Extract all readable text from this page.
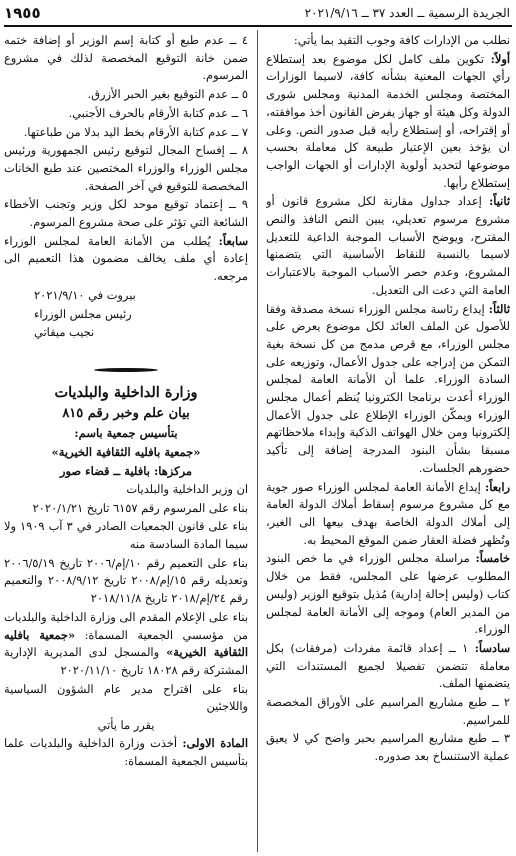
١٩٥٥	الجريدة الرسمية ــ العدد ٣٧ ــ ٢٠٢١/٩/١٦

نطلب من الإدارات كافة وجوب التقيد بما يأتي:

أولاً: تكوين ملف كامل لكل موضوع بعد إستطلاع رأي الجهات المعنية بشأنه كافة، لاسيما الوزارات المختصة ومجلس الخدمة المدنية ومجلس شورى الدولة وكل هيئة أو جهاز يفرض القانون أخذ موافقته، أو إقتراحه، أو إستطلاع رأيه قبل صدور النص. وعلى ان يؤخذ بعين الإعتبار طبيعة كل معاملة بحسب موضوعها لتحديد أولوية الإدارات أو الجهات الواجب إستطلاع رأيها.

ثانياً: إعداد جداول مقارنة لكل مشروع قانون أو مشروع مرسوم تعديلي، يبين النص النافذ والنص المقترح، ويوضح الأسباب الموجبة الداعية للتعديل لاسيما بالنسبة للنقاط الأساسية التي يتضمنها المشروع، وعدم حصر الأسباب الموجبة بالاعتبارات العامة التي دعت الى التعديل.

ثالثاً: إيداع رئاسة مجلس الوزراء نسخة مصدقة وفقا للأصول عن الملف العائد لكل موضوع يعرض على مجلس الوزراء، مع قرص مدمج من كل نسخة بغية التمكن من إدراجه على جدول الأعمال، وتوزيعه على السادة الوزراء. علما أن الأمانة العامة لمجلس الوزراء أعدت برنامجا الكترونيا يُنظم أعمال مجلس الوزراء ويمكّن الوزراء الإطلاع على جدول الأعمال إلكترونيا ومن خلال الهواتف الذكية وإبداء ملاحظاتهم مسبقا بشأن البنود المدرجة إضافة إلى تأكيد حضورهم الجلسات.

رابعاً: إيداع الأمانة العامة لمجلس الوزراء صور جوية مع كل مشروع مرسوم إسقاط أملاك الدولة العامة إلى أملاك الدولة الخاصة بهدف بيعها الى الغير، وتُظهر فضلة العقار ضمن الموقع المحيط به.

خامساً: مراسلة مجلس الوزراء في ما خص البنود المطلوب عرضها على المجلس، فقط من خلال كتاب (وليس إحالة إدارية) مُذيل بتوقيع الوزير (وليس من المدير العام) وموجه إلى الأمانة العامة لمجلس الوزراء.

سادساً: ١ ــ إعداد قائمة مفردات (مرفقات) بكل معاملة تتضمن تفصيلا لجميع المستندات التي يتضمنها الملف.

٢ ــ طبع مشاريع المراسيم على الأوراق المخصصة للمراسيم.

٣ ــ طبع مشاريع المراسيم بحبر واضح كي لا يعيق عملية الاستنساخ بعد صدوره.

٤ ــ عدم طبع أو كتابة إسم الوزير أو إضافة ختمه ضمن خانة التوقيع المخصصة لذلك في مشروع المرسوم.

٥ ــ عدم التوقيع بغير الحبر الأزرق.

٦ ــ عدم كتابة الأرقام بالحرف الأجنبي.

٧ ــ عدم كتابة الأرقام بخط اليد بدلا من طباعتها.

٨ ــ إفساح المجال لتوقيع رئيس الجمهورية ورئيس مجلس الوزراء والوزراء المختصين عند طبع الخانات المخصصة للتوقيع في آخر الصفحة.

٩ ــ إعتماد توقيع موحد لكل وزير وتجنب الأخطاء الشائعة التي تؤثر على صحة مشروع المرسوم.

سابعاً: يُطلب من الأمانة العامة لمجلس الوزراء إعادة أي ملف يخالف مضمون هذا التعميم الى مرجعه.

بيروت في ٢٠٢١/٩/١٠

رئيس مجلس الوزراء

نجيب ميقاتي

وزارة الداخلية والبلديات

بيان علم وخبر رقم ٨١٥

بتأسيس جمعية باسم:

«جمعية بافليه الثقافية الخيرية»

مركزها: بافلية ــ قضاء صور

ان وزير الداخلية والبلديات

بناء على المرسوم رقم ٦١٥٧ تاريخ ٢٠٢٠/١/٢١

بناء على قانون الجمعيات الصادر في ٣ آب ١٩٠٩ ولا سيما المادة السادسة منه

بناء على التعميم رقم ١٠/إم/٢٠٠٦ تاريخ ٢٠٠٦/٥/١٩ وتعديله رقم ١٥/إم/٢٠٠٨ تاريخ ٢٠٠٨/٩/١٢ والتعميم رقم ٢٤/إم/٢٠١٨ تاريخ ٢٠١٨/١١/٨

بناء على الإعلام المقدم الى وزارة الداخلية والبلديات من مؤسسي الجمعية المسماة: «جمعية بافليه الثقافية الخيرية» والمسجل لدى المديرية الإدارية المشتركة رقم ١٨٠٢٨ تاريخ ٢٠٢٠/١١/١٠

بناء على اقتراح مدير عام الشؤون السياسية واللاجئين

يقرر ما يأتي

المادة الاولى: أخذت وزارة الداخلية والبلديات علما بتأسيس الجمعية المسماة:
